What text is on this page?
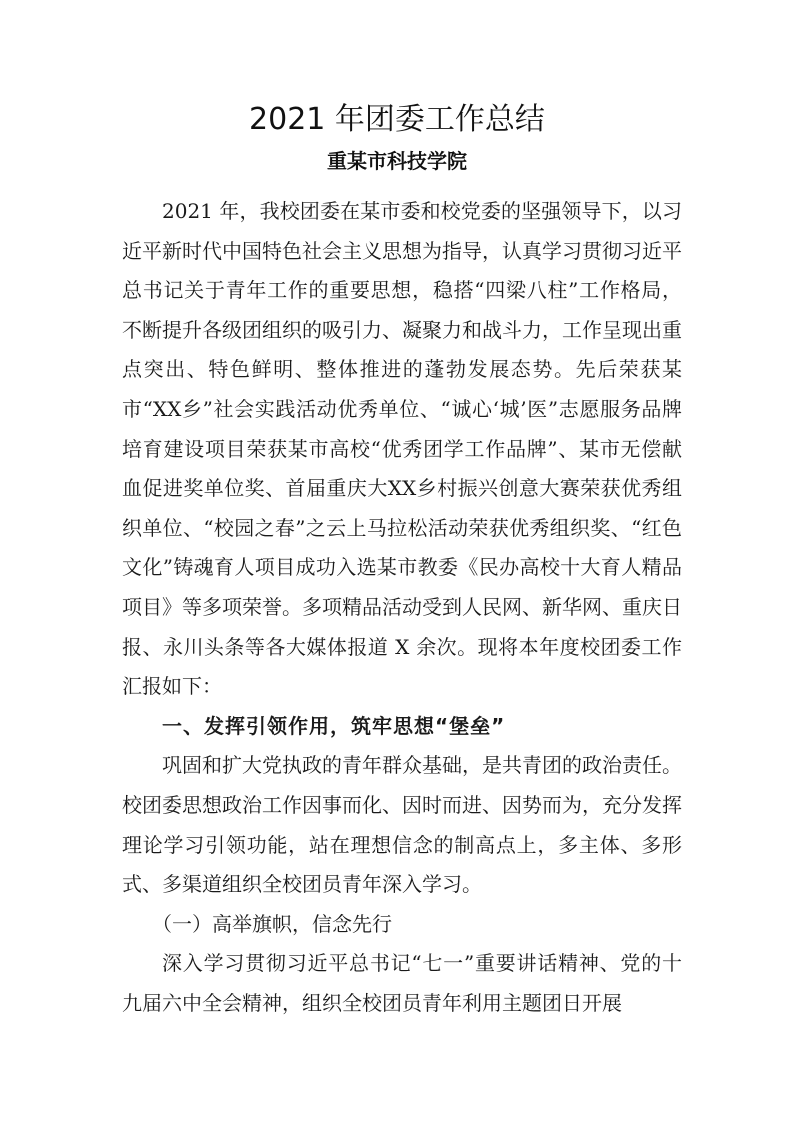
2021 年团委工作总结
重某市科技学院

2021 年，我校团委在某市委和校党委的坚强领导下，以习近平新时代中国特色社会主义思想为指导，认真学习贯彻习近平总书记关于青年工作的重要思想，稳搭“四梁八柱”工作格局，不断提升各级团组织的吸引力、凝聚力和战斗力，工作呈现出重点突出、特色鲜明、整体推进的蓬勃发展态势。先后荣获某市“XX乡”社会实践活动优秀单位、“诚心‘城’医”志愿服务品牌培育建设项目荣获某市高校“优秀团学工作品牌”、某市无偿献血促进奖单位奖、首届重庆大XX乡村振兴创意大赛荣获优秀组织单位、“校园之春”之云上马拉松活动荣获优秀组织奖、“红色文化”铸魂育人项目成功入选某市教委《民办高校十大育人精品项目》等多项荣誉。多项精品活动受到人民网、新华网、重庆日报、永川头条等各大媒体报道 X 余次。现将本年度校团委工作汇报如下：

一、发挥引领作用，筑牢思想“堡垒”

巩固和扩大党执政的青年群众基础，是共青团的政治责任。校团委思想政治工作因事而化、因时而进、因势而为，充分发挥理论学习引领功能，站在理想信念的制高点上，多主体、多形式、多渠道组织全校团员青年深入学习。

（一）高举旗帜，信念先行

深入学习贯彻习近平总书记“七一”重要讲话精神、党的十九届六中全会精神，组织全校团员青年利用主题团日开展
